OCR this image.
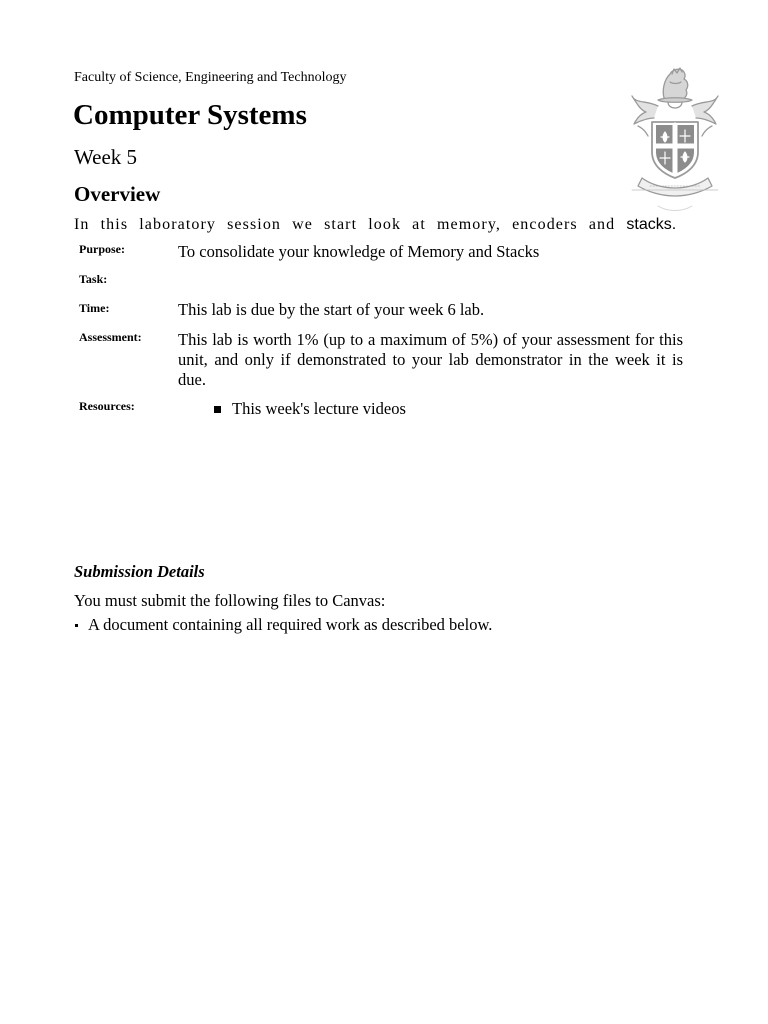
Faculty of Science, Engineering and Technology
Computer Systems
Week 5
Overview
In this laboratory session we start look at memory, encoders and stacks.
Purpose:	To consolidate your knowledge of Memory and Stacks
Task:
Time:	This lab is due by the start of your week 6 lab.
Assessment: This lab is worth 1% (up to a maximum of 5%) of your assessment for this unit, and only if demonstrated to your lab demonstrator in the week it is due.
Resources:	This week's lecture videos
Submission Details
You must submit the following files to Canvas:
A document containing all required work as described below.
